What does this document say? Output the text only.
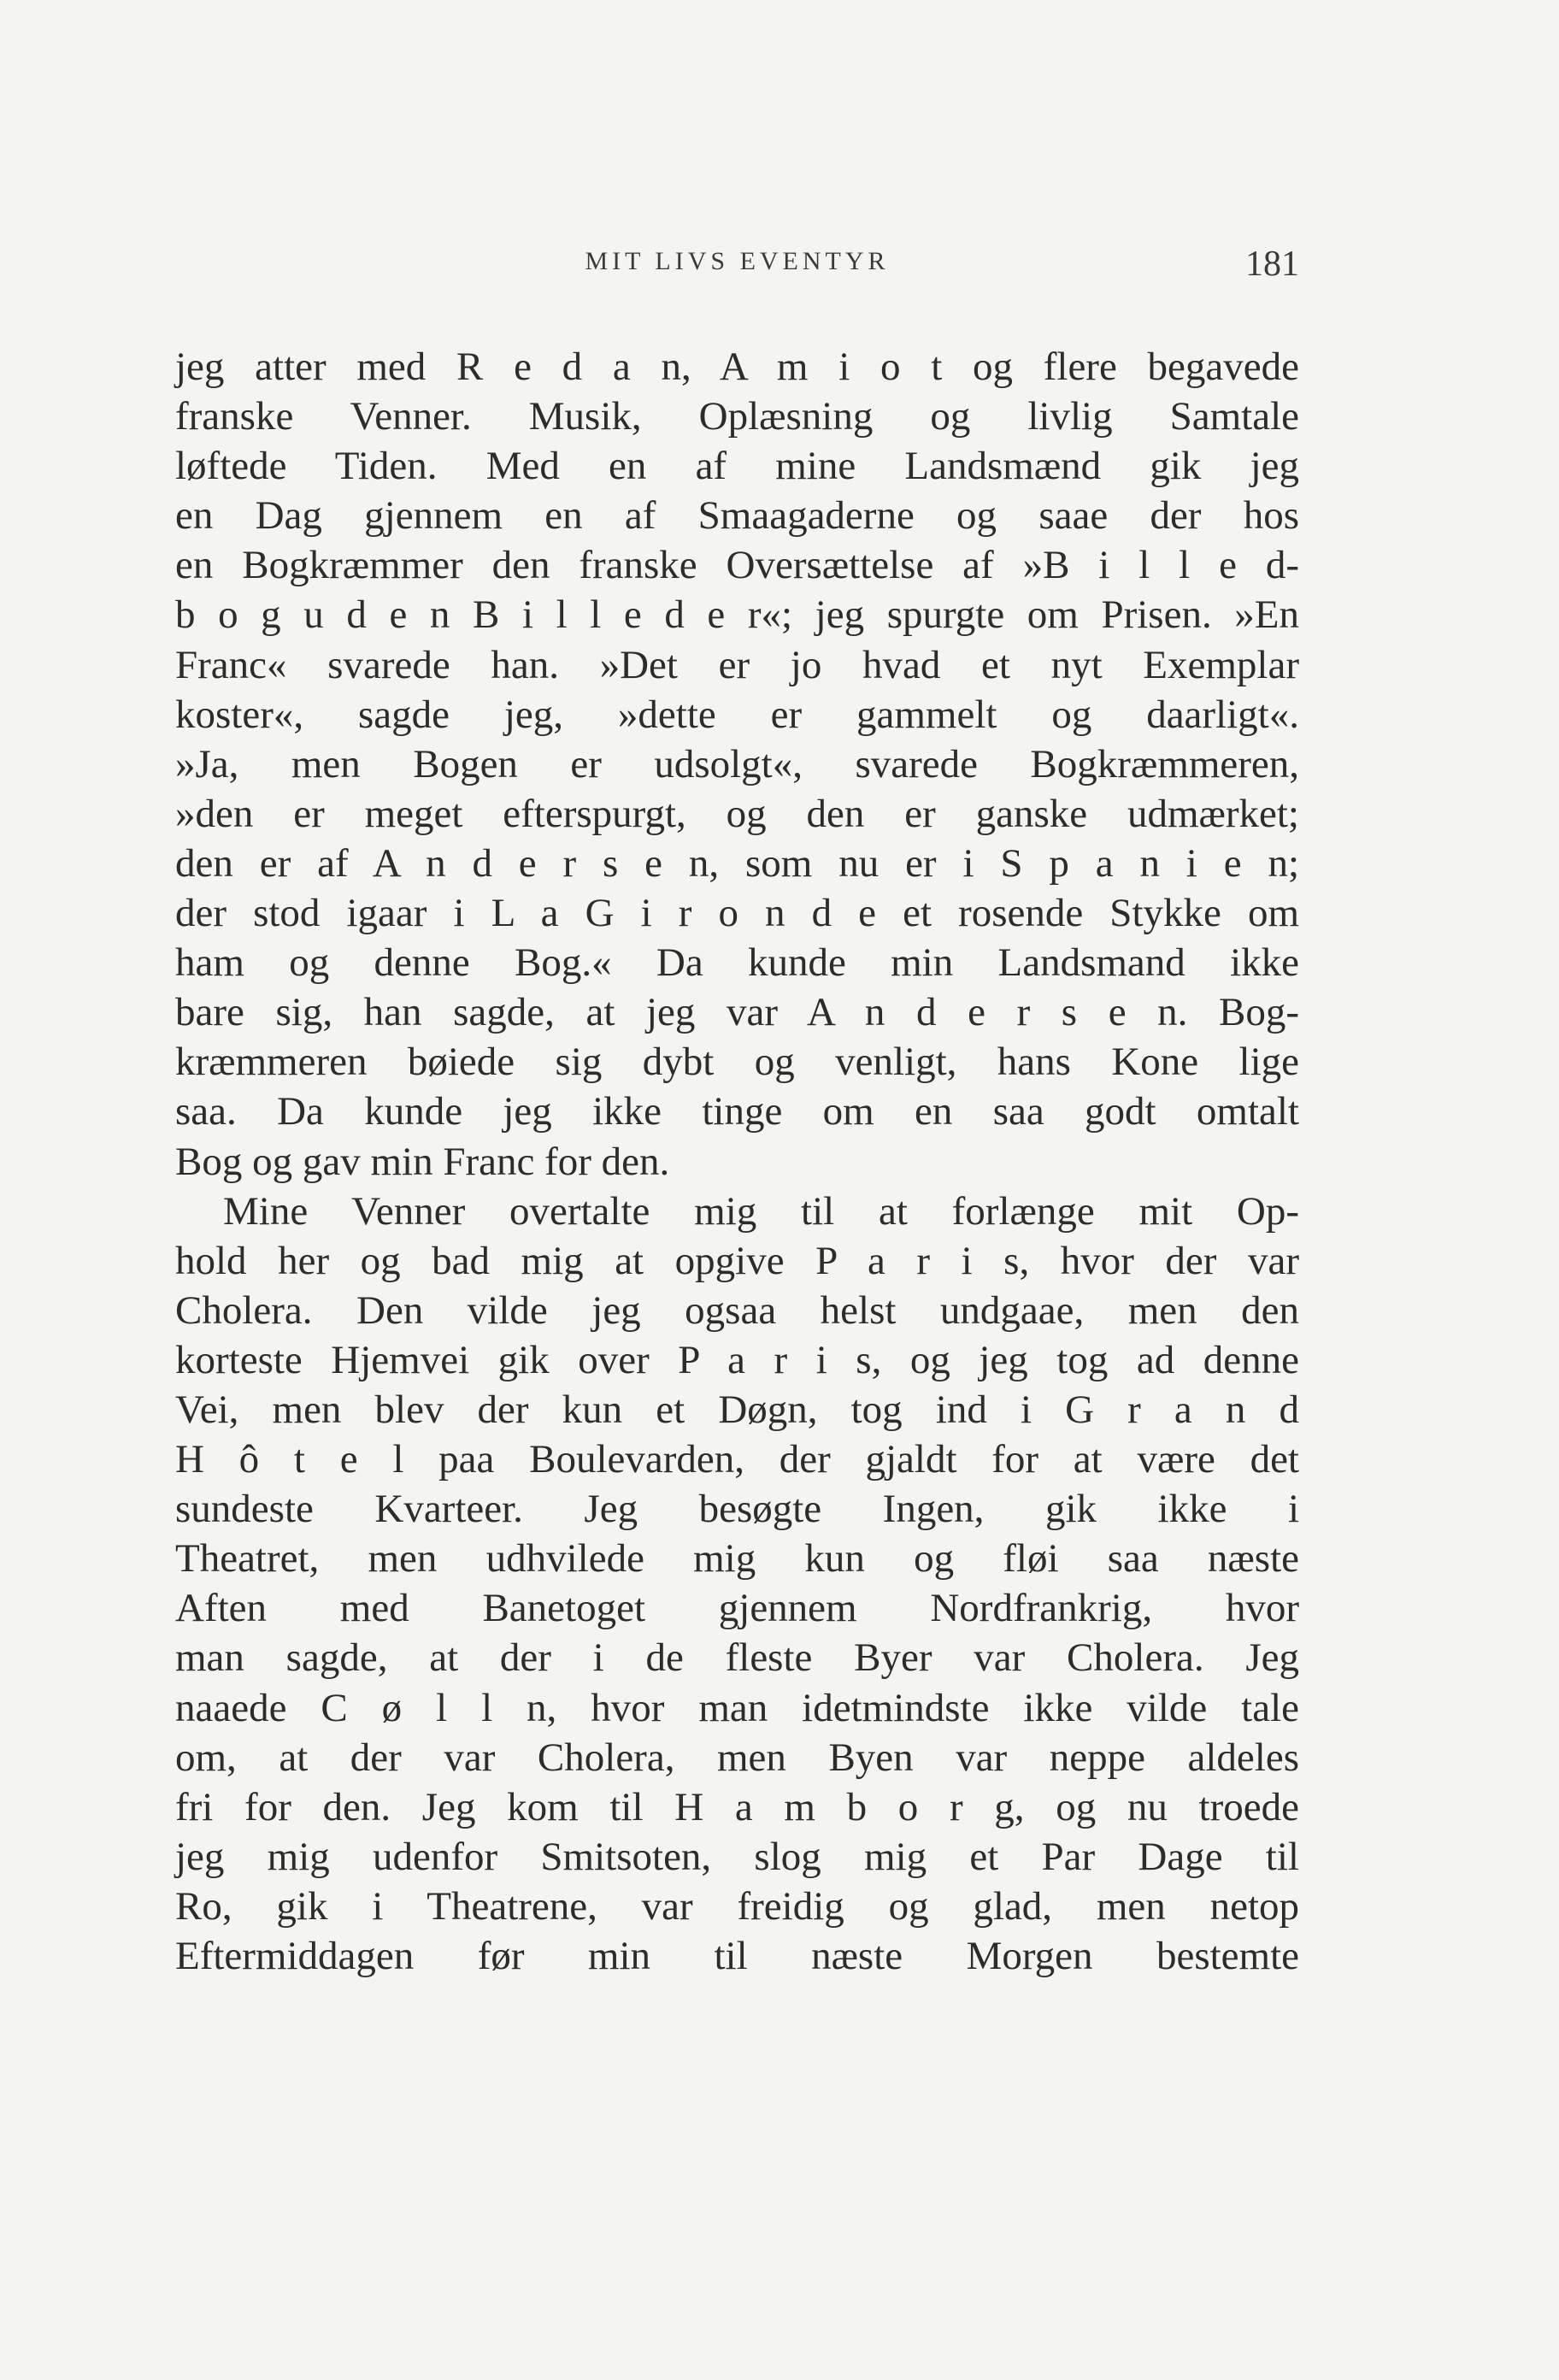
MIT LIVS EVENTYR	181
jeg atter med R e d a n, A m i o t og flere begavede
franske Venner. Musik, Oplæsning og livlig Samtale
løftede Tiden. Med en af mine Landsmænd gik jeg
en Dag gjennem en af Smaagaderne og saae der hos
en Bogkræmmer den franske Oversættelse af »B i l l e d-
b o g u d e n B i l l e d e r«; jeg spurgte om Prisen. »En
Franc« svarede han. »Det er jo hvad et nyt Exemplar
koster«, sagde jeg, »dette er gammelt og daarligt«.
»Ja, men Bogen er udsolgt«, svarede Bogkræmmeren,
»den er meget efterspurgt, og den er ganske udmærket;
den er af A n d e r s e n, som nu er i S p a n i e n;
der stod igaar i L a G i r o n d e et rosende Stykke om
ham og denne Bog.« Da kunde min Landsmand ikke
bare sig, han sagde, at jeg var A n d e r s e n. Bog-
kræmmeren bøiede sig dybt og venligt, hans Kone lige
saa. Da kunde jeg ikke tinge om en saa godt omtalt
Bog og gav min Franc for den.
Mine Venner overtalte mig til at forlænge mit Op-
hold her og bad mig at opgive P a r i s, hvor der var
Cholera. Den vilde jeg ogsaa helst undgaae, men den
korteste Hjemvei gik over P a r i s, og jeg tog ad denne
Vei, men blev der kun et Døgn, tog ind i G r a n d
H ô t e l paa Boulevarden, der gjaldt for at være det
sundeste Kvarteer. Jeg besøgte Ingen, gik ikke i
Theatret, men udhvilede mig kun og fløi saa næste
Aften med Banetoget gjennem Nordfrankrig, hvor
man sagde, at der i de fleste Byer var Cholera. Jeg
naaede C ø l l n, hvor man idetmindste ikke vilde tale
om, at der var Cholera, men Byen var neppe aldeles
fri for den. Jeg kom til H a m b o r g, og nu troede
jeg mig udenfor Smitsoten, slog mig et Par Dage til
Ro, gik i Theatrene, var freidig og glad, men netop
Eftermiddagen før min til næste Morgen bestemte
